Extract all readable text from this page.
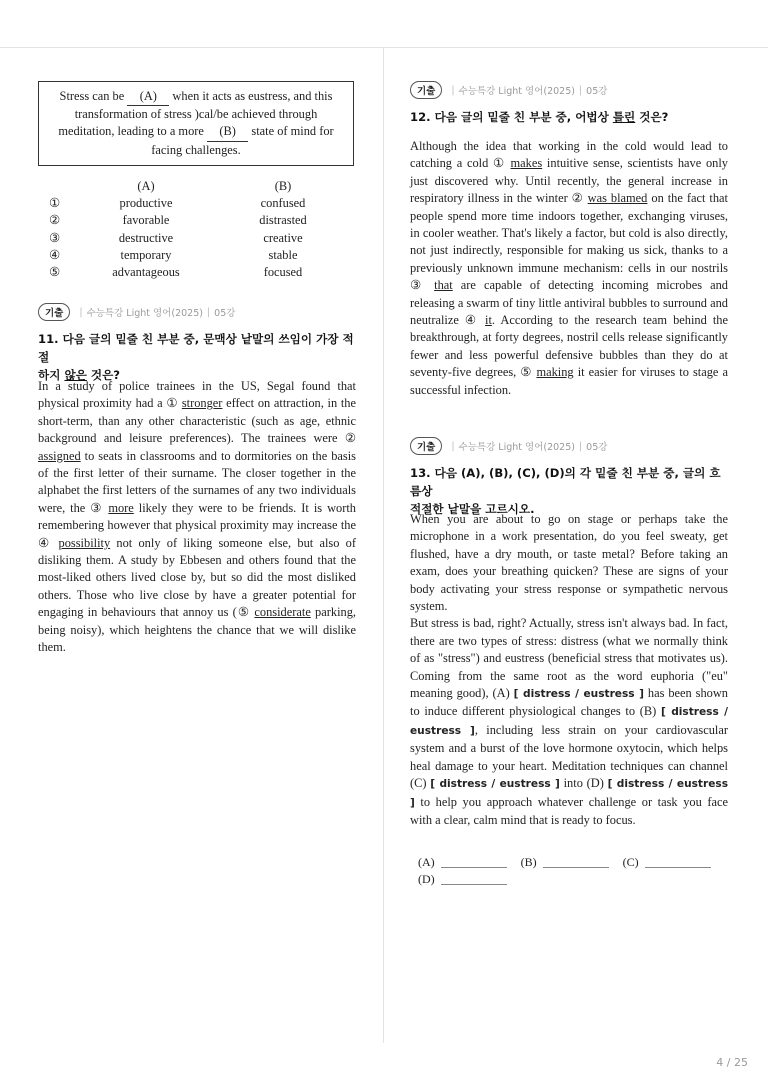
Stress can be     (A)     when it acts as eustress, and this transformation of stress )cal/be achieved through meditation, leading to a more     (B)     state of mind for facing challenges.
(A)	(B)
①	productive	confused
②	favorable	distrasted
③	destructive	creative
④	temporary	stable
⑤	advantageous	focused
기출	| 수능특강 Light 영어(2025) | 05강
11. 다음 글의 밑줄 친 부분 중, 문맥상 낱말의 쓰임이 가장 적절
하지 않은 것은?
In a study of police trainees in the US, Segal found that physical proximity had a ① stronger effect on attraction, in the short-term, than any other characteristic (such as age, ethnic background and leisure preferences). The trainees were ② assigned to seats in classrooms and to dormitories on the basis of the first letter of their surname. The closer together in the alphabet the first letters of the surnames of any two individuals were, the ③ more likely they were to be friends. It is worth remembering however that physical proximity may increase the ④ possibility not only of liking someone else, but also of disliking them. A study by Ebbesen and others found that the most-liked others lived close by, but so did the most disliked others. Those who live close by have a greater potential for engaging in behaviours that annoy us (⑤ considerate parking, being noisy), which heightens the chance that we will dislike them.
기출	| 수능특강 Light 영어(2025) | 05강
12. 다음 글의 밑줄 친 부분 중, 어법상 틀린 것은?
Although the idea that working in the cold would lead to catching a cold ① makes intuitive sense, scientists have only just discovered why. Until recently, the general increase in respiratory illness in the winter ② was blamed on the fact that people spend more time indoors together, exchanging viruses, in cooler weather. That's likely a factor, but cold is also directly, not just indirectly, responsible for making us sick, thanks to a previously unknown immune mechanism: cells in our nostrils ③ that are capable of detecting incoming microbes and releasing a swarm of tiny little antiviral bubbles to surround and neutralize ④ it. According to the research team behind the breakthrough, at forty degrees, nostril cells release significantly fewer and less powerful defensive bubbles than they do at seventy-five degrees, ⑤ making it easier for viruses to stage a successful infection.
기출	| 수능특강 Light 영어(2025) | 05강
13. 다음 (A), (B), (C), (D)의 각 밑줄 친 부분 중, 글의 흐름상
적절한 낱말을 고르시오.
When you are about to go on stage or perhaps take the microphone in a work presentation, do you feel sweaty, get flushed, have a dry mouth, or taste metal? Before taking an exam, does your breathing quicken? These are signs of your body activating your stress response or sympathetic nervous system.
But stress is bad, right? Actually, stress isn't always bad. In fact, there are two types of stress: distress (what we normally think of as "stress") and eustress (beneficial stress that motivates us). Coming from the same root as the word euphoria ("eu" meaning good), (A) [ distress / eustress ] has been shown to induce different physiological changes to (B) [ distress / eustress ], including less strain on your cardiovascular system and a burst of the love hormone oxytocin, which helps heal damage to your heart. Meditation techniques can channel (C) [ distress / eustress ] into (D) [ distress / eustress ] to help you approach whatever challenge or task you face with a clear, calm mind that is ready to focus.
(A)	(B)	(C)
(D)
4 / 25
